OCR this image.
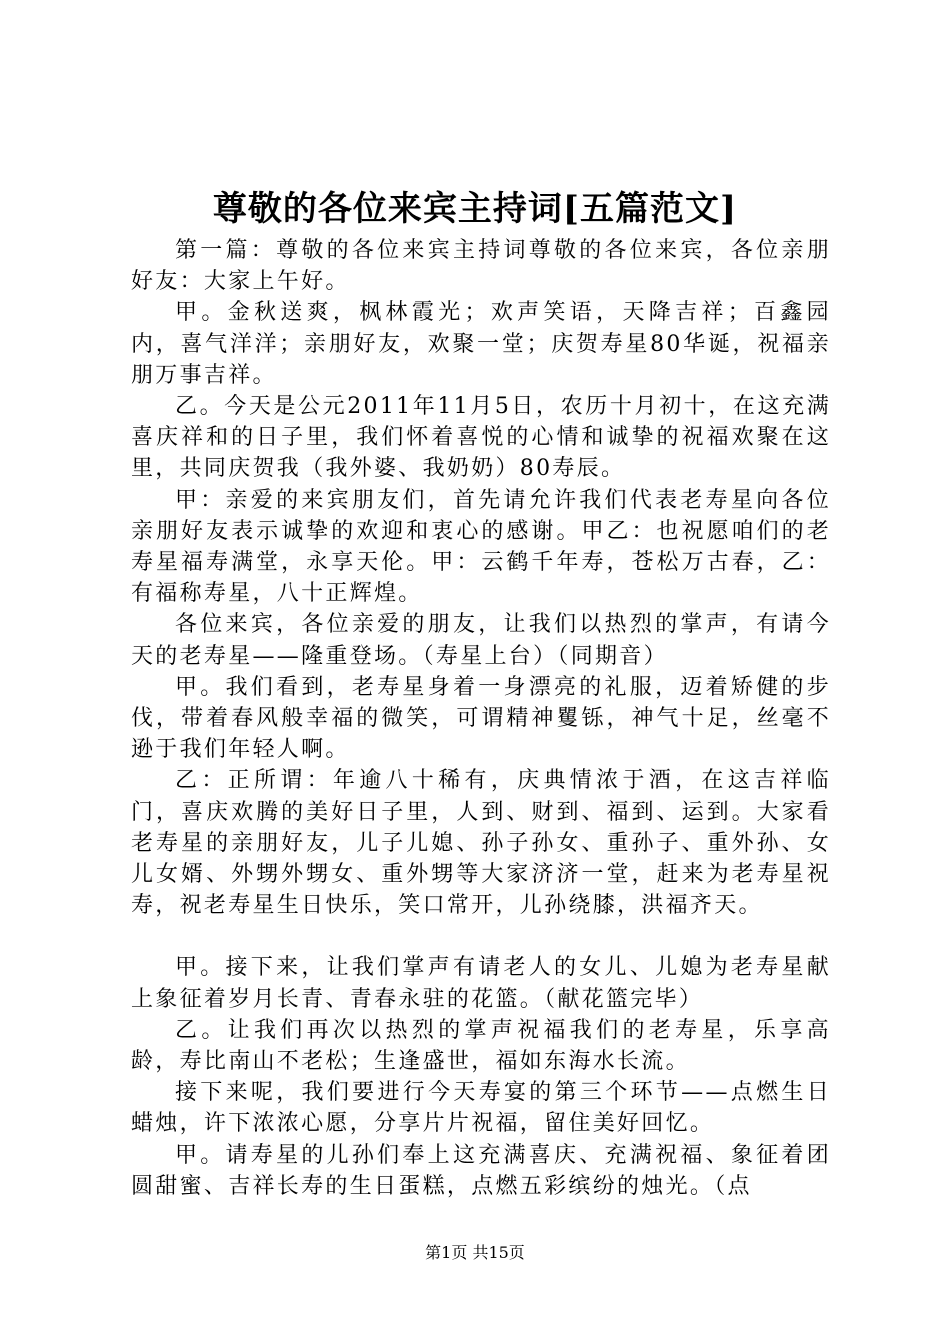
尊敬的各位来宾主持词[五篇范文]

第一篇：尊敬的各位来宾主持词尊敬的各位来宾，各位亲朋好友：大家上午好。

甲。金秋送爽，枫林霞光；欢声笑语，天降吉祥；百鑫园内，喜气洋洋；亲朋好友，欢聚一堂；庆贺寿星80华诞，祝福亲朋万事吉祥。

乙。今天是公元2011年11月5日，农历十月初十，在这充满喜庆祥和的日子里，我们怀着喜悦的心情和诚挚的祝福欢聚在这里，共同庆贺我（我外婆、我奶奶）80寿辰。

甲：亲爱的来宾朋友们，首先请允许我们代表老寿星向各位亲朋好友表示诚挚的欢迎和衷心的感谢。甲乙：也祝愿咱们的老寿星福寿满堂，永享天伦。甲：云鹤千年寿，苍松万古春，乙：有福称寿星，八十正辉煌。

各位来宾，各位亲爱的朋友，让我们以热烈的掌声，有请今天的老寿星——隆重登场。（寿星上台）（同期音）

甲。我们看到，老寿星身着一身漂亮的礼服，迈着矫健的步伐，带着春风般幸福的微笑，可谓精神矍铄，神气十足，丝毫不逊于我们年轻人啊。

乙：正所谓：年逾八十稀有，庆典情浓于酒，在这吉祥临门，喜庆欢腾的美好日子里，人到、财到、福到、运到。大家看老寿星的亲朋好友，儿子儿媳、孙子孙女、重孙子、重外孙、女儿女婿、外甥外甥女、重外甥等大家济济一堂，赶来为老寿星祝寿，祝老寿星生日快乐，笑口常开，儿孙绕膝，洪福齐天。

甲。接下来，让我们掌声有请老人的女儿、儿媳为老寿星献上象征着岁月长青、青春永驻的花篮。（献花篮完毕）

乙。让我们再次以热烈的掌声祝福我们的老寿星，乐享高龄，寿比南山不老松；生逢盛世，福如东海水长流。

接下来呢，我们要进行今天寿宴的第三个环节——点燃生日蜡烛，许下浓浓心愿，分享片片祝福，留住美好回忆。

甲。请寿星的儿孙们奉上这充满喜庆、充满祝福、象征着团圆甜蜜、吉祥长寿的生日蛋糕，点燃五彩缤纷的烛光。（点

第1页 共15页
